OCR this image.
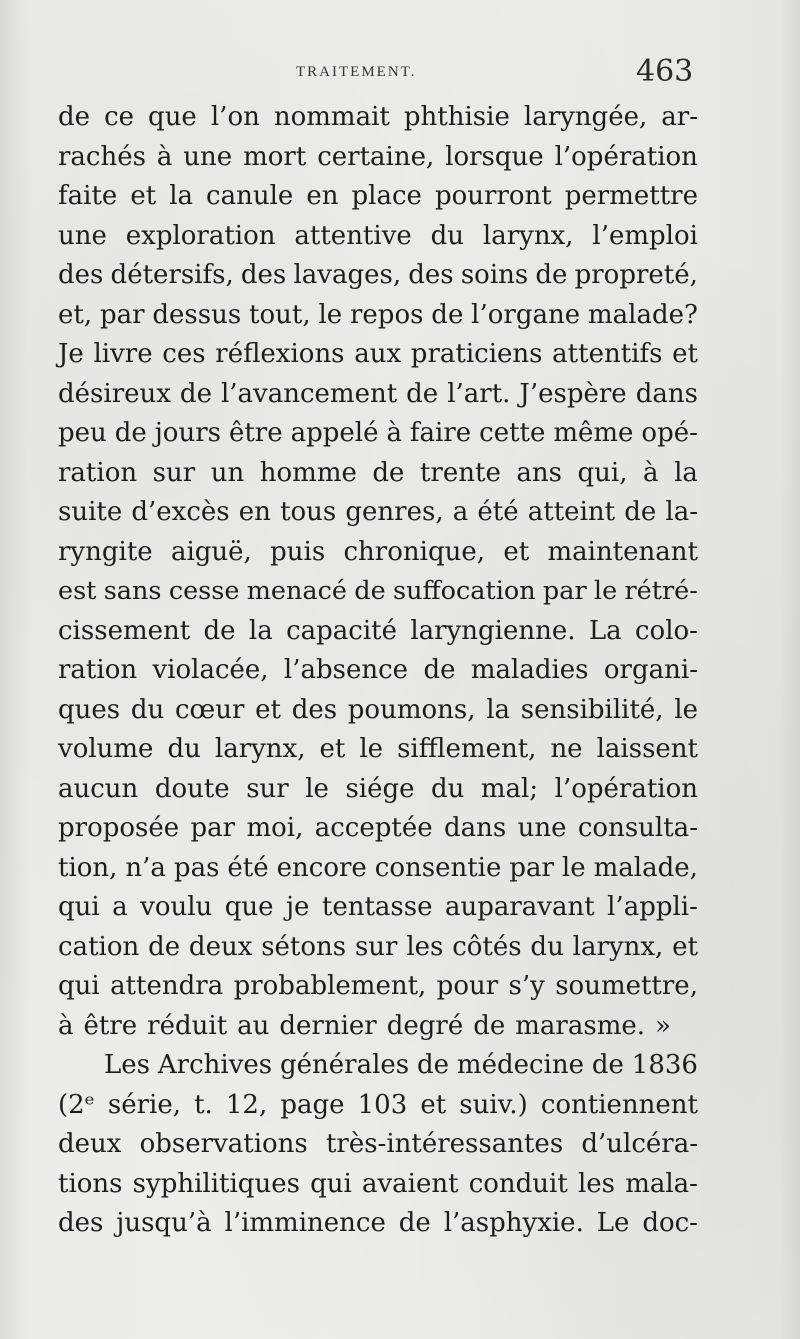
TRAITEMENT.	463
de ce que l’on nommait phthisie laryngée, ar-
rachés à une mort certaine, lorsque l’opération
faite et la canule en place pourront permettre
une exploration attentive du larynx, l’emploi
des détersifs, des lavages, des soins de propreté,
et, par dessus tout, le repos de l’organe malade?
Je livre ces réflexions aux praticiens attentifs et
désireux de l’avancement de l’art. J’espère dans
peu de jours être appelé à faire cette même opé-
ration sur un homme de trente ans qui, à la
suite d’excès en tous genres, a été atteint de la-
ryngite aiguë, puis chronique, et maintenant
est sans cesse menacé de suffocation par le rétré-
cissement de la capacité laryngienne. La colo-
ration violacée, l’absence de maladies organi-
ques du cœur et des poumons, la sensibilité, le
volume du larynx, et le sifflement, ne laissent
aucun doute sur le siége du mal; l’opération
proposée par moi, acceptée dans une consulta-
tion, n’a pas été encore consentie par le malade,
qui a voulu que je tentasse auparavant l’appli-
cation de deux sétons sur les côtés du larynx, et
qui attendra probablement, pour s’y soumettre,
à être réduit au dernier degré de marasme. »
Les Archives générales de médecine de 1836
(2ᵉ série, t. 12, page 103 et suiv.) contiennent
deux observations très-intéressantes d’ulcéra-
tions syphilitiques qui avaient conduit les mala-
des jusqu’à l’imminence de l’asphyxie. Le doc-
